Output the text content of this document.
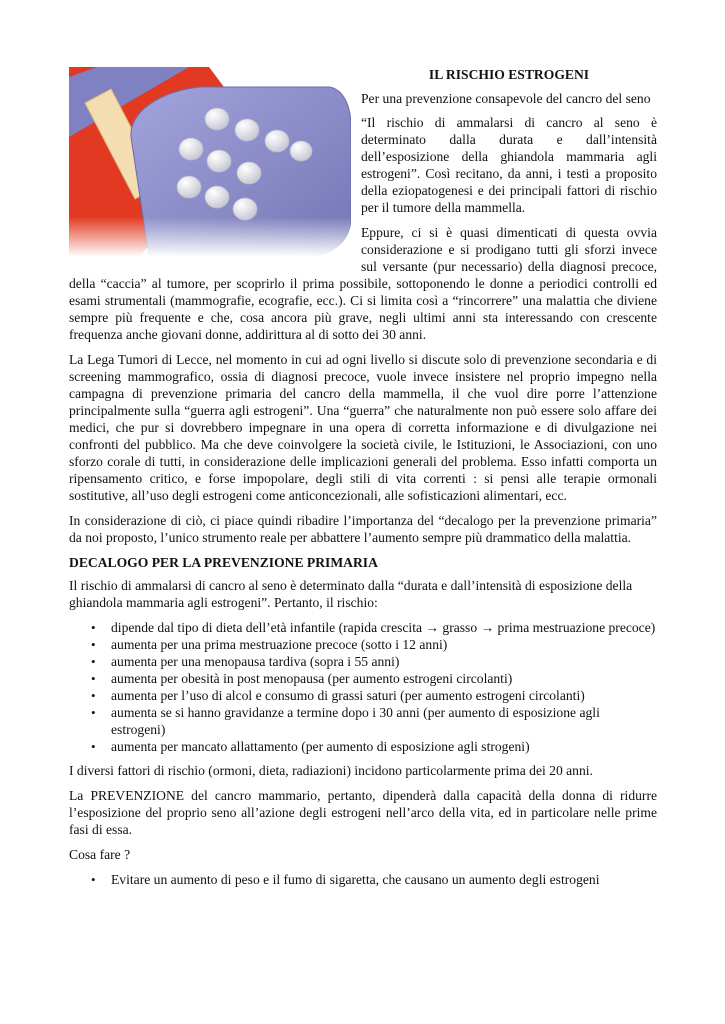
IL RISCHIO ESTROGENI

Per una prevenzione consapevole del cancro del seno

“Il rischio di ammalarsi di cancro al seno è determinato dalla durata e dall’intensità dell’esposizione della ghiandola mammaria agli estrogeni”. Così recitano, da anni, i testi a proposito della eziopatogenesi e dei principali fattori di rischio per il tumore della mammella.

Eppure, ci si è quasi dimenticati di questa ovvia considerazione e si prodigano tutti gli sforzi invece sul versante (pur necessario) della diagnosi precoce, della “caccia” al tumore, per scoprirlo il prima possibile, sottoponendo le donne a periodici controlli ed esami strumentali (mammografie, ecografie, ecc.). Ci si limita così a “rincorrere” una malattia che diviene sempre più frequente e che, cosa ancora più grave, negli ultimi anni sta interessando con crescente frequenza anche giovani donne, addirittura al di sotto dei 30 anni.

La Lega Tumori di Lecce, nel momento in cui ad ogni livello si discute solo di prevenzione secondaria e di screening mammografico, ossia di diagnosi precoce, vuole invece insistere nel proprio impegno nella campagna di prevenzione primaria del cancro della mammella, il che vuol dire porre l’attenzione principalmente sulla “guerra agli estrogeni”. Una “guerra” che naturalmente non può essere solo affare dei medici, che pur si dovrebbero impegnare in una opera di corretta informazione e di divulgazione nei confronti del pubblico. Ma che deve coinvolgere la società civile, le Istituzioni, le Associazioni, con uno sforzo corale di tutti, in considerazione delle implicazioni generali del problema. Esso infatti comporta un ripensamento critico, e forse impopolare, degli stili di vita correnti : si pensi alle terapie ormonali sostitutive, all’uso degli estrogeni come anticoncezionali, alle sofisticazioni alimentari, ecc.

In considerazione di ciò, ci piace quindi ribadire l’importanza del “decalogo per la prevenzione primaria” da noi proposto, l’unico strumento reale per abbattere l’aumento sempre più drammatico della malattia.

DECALOGO PER LA PREVENZIONE PRIMARIA

Il rischio di ammalarsi di cancro al seno è determinato dalla “durata e dall’intensità di esposizione della ghiandola mammaria agli estrogeni”. Pertanto, il rischio:

• dipende dal tipo di dieta dell’età infantile (rapida crescita → grasso → prima mestruazione precoce)
• aumenta per una prima mestruazione precoce (sotto i 12 anni)
• aumenta per una menopausa tardiva (sopra i 55 anni)
• aumenta per obesità in post menopausa (per aumento estrogeni circolanti)
• aumenta per l’uso di alcol e consumo di grassi saturi (per aumento estrogeni circolanti)
• aumenta se si hanno gravidanze a termine dopo i 30 anni (per aumento di esposizione agli estrogeni)
• aumenta per mancato allattamento (per aumento di esposizione agli strogeni)

I diversi fattori di rischio (ormoni, dieta, radiazioni) incidono particolarmente prima dei 20 anni.

La PREVENZIONE del cancro mammario, pertanto, dipenderà dalla capacità della donna di ridurre l’esposizione del proprio seno all’azione degli estrogeni nell’arco della vita, ed in particolare nelle prime fasi di essa.

Cosa fare ?

• Evitare un aumento di peso e il fumo di sigaretta, che causano un aumento degli estrogeni
